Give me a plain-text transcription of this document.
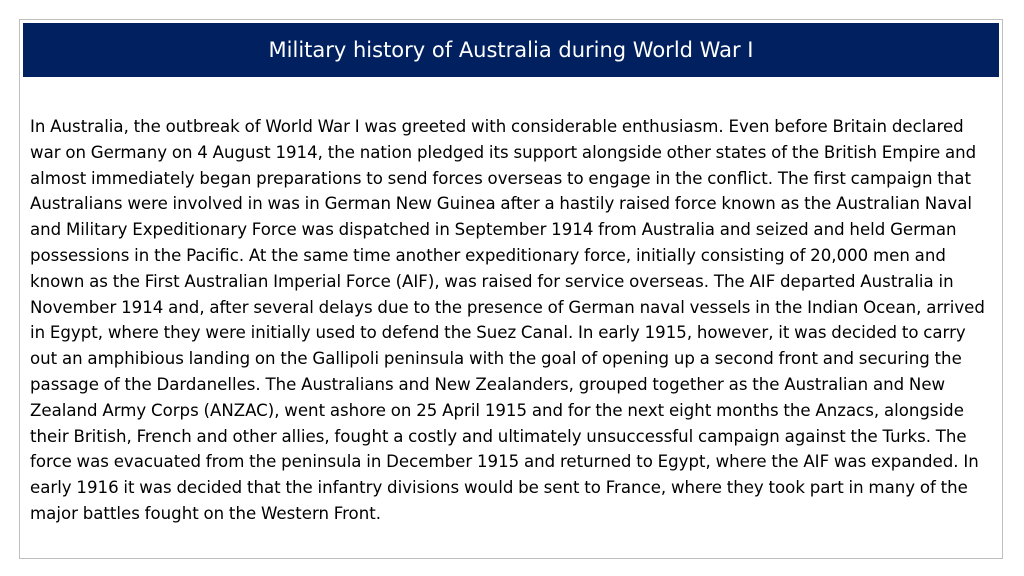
Military history of Australia during World War I

In Australia, the outbreak of World War I was greeted with considerable enthusiasm. Even before Britain declared war on Germany on 4 August 1914, the nation pledged its support alongside other states of the British Empire and almost immediately began preparations to send forces overseas to engage in the conflict. The first campaign that Australians were involved in was in German New Guinea after a hastily raised force known as the Australian Naval and Military Expeditionary Force was dispatched in September 1914 from Australia and seized and held German possessions in the Pacific. At the same time another expeditionary force, initially consisting of 20,000 men and known as the First Australian Imperial Force (AIF), was raised for service overseas. The AIF departed Australia in November 1914 and, after several delays due to the presence of German naval vessels in the Indian Ocean, arrived in Egypt, where they were initially used to defend the Suez Canal. In early 1915, however, it was decided to carry out an amphibious landing on the Gallipoli peninsula with the goal of opening up a second front and securing the passage of the Dardanelles. The Australians and New Zealanders, grouped together as the Australian and New Zealand Army Corps (ANZAC), went ashore on 25 April 1915 and for the next eight months the Anzacs, alongside their British, French and other allies, fought a costly and ultimately unsuccessful campaign against the Turks. The force was evacuated from the peninsula in December 1915 and returned to Egypt, where the AIF was expanded. In early 1916 it was decided that the infantry divisions would be sent to France, where they took part in many of the major battles fought on the Western Front.
